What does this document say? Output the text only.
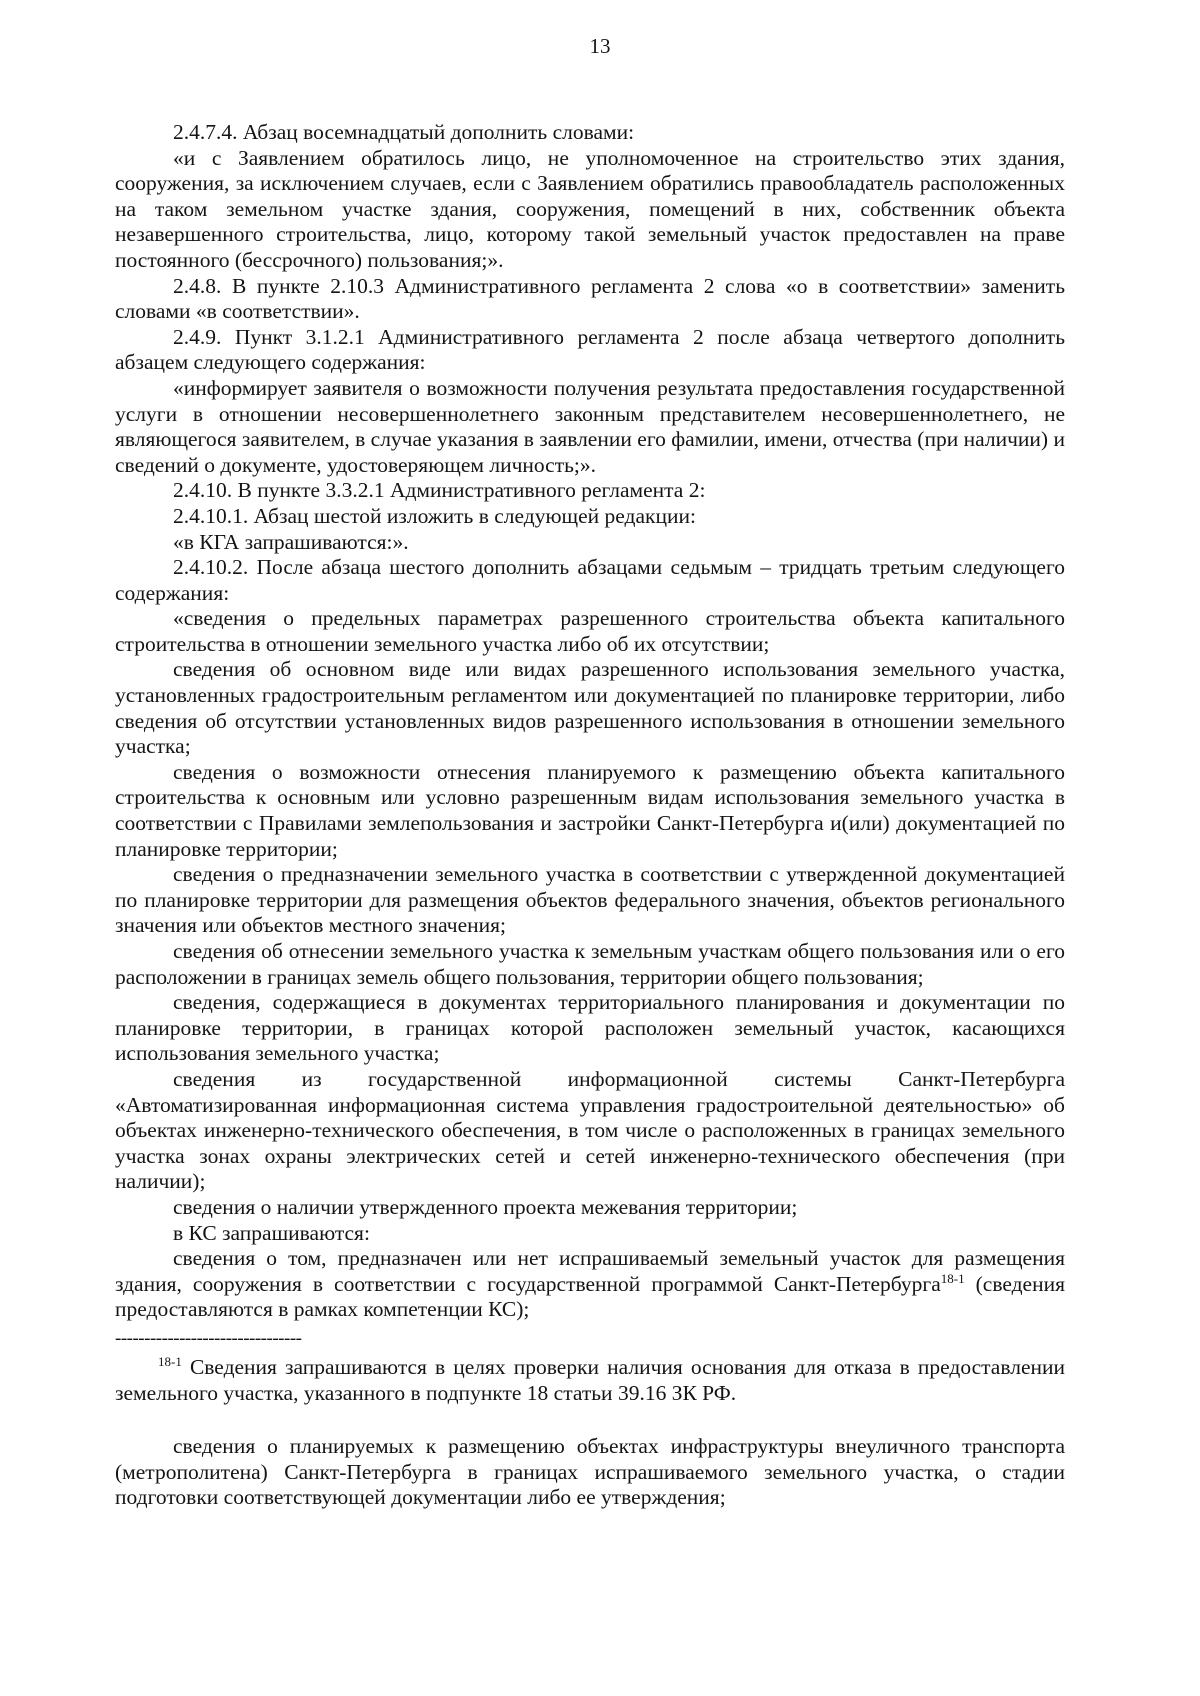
13

2.4.7.4. Абзац восемнадцатый дополнить словами:

«и с Заявлением обратилось лицо, не уполномоченное на строительство этих здания, сооружения, за исключением случаев, если с Заявлением обратились правообладатель расположенных на таком земельном участке здания, сооружения, помещений в них, собственник объекта незавершенного строительства, лицо, которому такой земельный участок предоставлен на праве постоянного (бессрочного) пользования;».

2.4.8. В пункте 2.10.3 Административного регламента 2 слова «о в соответствии» заменить словами «в соответствии».

2.4.9. Пункт 3.1.2.1 Административного регламента 2 после абзаца четвертого дополнить абзацем следующего содержания:

«информирует заявителя о возможности получения результата предоставления государственной услуги в отношении несовершеннолетнего законным представителем несовершеннолетнего, не являющегося заявителем, в случае указания в заявлении его фамилии, имени, отчества (при наличии) и сведений о документе, удостоверяющем личность;».

2.4.10. В пункте 3.3.2.1 Административного регламента 2:

2.4.10.1. Абзац шестой изложить в следующей редакции:

«в КГА запрашиваются:».

2.4.10.2. После абзаца шестого дополнить абзацами седьмым – тридцать третьим следующего содержания:

«сведения о предельных параметрах разрешенного строительства объекта капитального строительства в отношении земельного участка либо об их отсутствии;

сведения об основном виде или видах разрешенного использования земельного участка, установленных градостроительным регламентом или документацией по планировке территории, либо сведения об отсутствии установленных видов разрешенного использования в отношении земельного участка;

сведения о возможности отнесения планируемого к размещению объекта капитального строительства к основным или условно разрешенным видам использования земельного участка в соответствии с Правилами землепользования и застройки Санкт-Петербурга и(или) документацией по планировке территории;

сведения о предназначении земельного участка в соответствии с утвержденной документацией по планировке территории для размещения объектов федерального значения, объектов регионального значения или объектов местного значения;

сведения об отнесении земельного участка к земельным участкам общего пользования или о его расположении в границах земель общего пользования, территории общего пользования;

сведения, содержащиеся в документах территориального планирования и документации по планировке территории, в границах которой расположен земельный участок, касающихся использования земельного участка;

сведения из государственной информационной системы Санкт-Петербурга «Автоматизированная информационная система управления градостроительной деятельностью» об объектах инженерно-технического обеспечения, в том числе о расположенных в границах земельного участка зонах охраны электрических сетей и сетей инженерно-технического обеспечения (при наличии);

сведения о наличии утвержденного проекта межевания территории;

в КС запрашиваются:

сведения о том, предназначен или нет испрашиваемый земельный участок для размещения здания, сооружения в соответствии с государственной программой Санкт-Петербурга$^{18-1}$ (сведения предоставляются в рамках компетенции КС);

--------------------------------

$^{18-1}$ Сведения запрашиваются в целях проверки наличия основания для отказа в предоставлении земельного участка, указанного в подпункте 18 статьи 39.16 ЗК РФ.

сведения о планируемых к размещению объектах инфраструктуры внеуличного транспорта (метрополитена) Санкт-Петербурга в границах испрашиваемого земельного участка, о стадии подготовки соответствующей документации либо ее утверждения;
